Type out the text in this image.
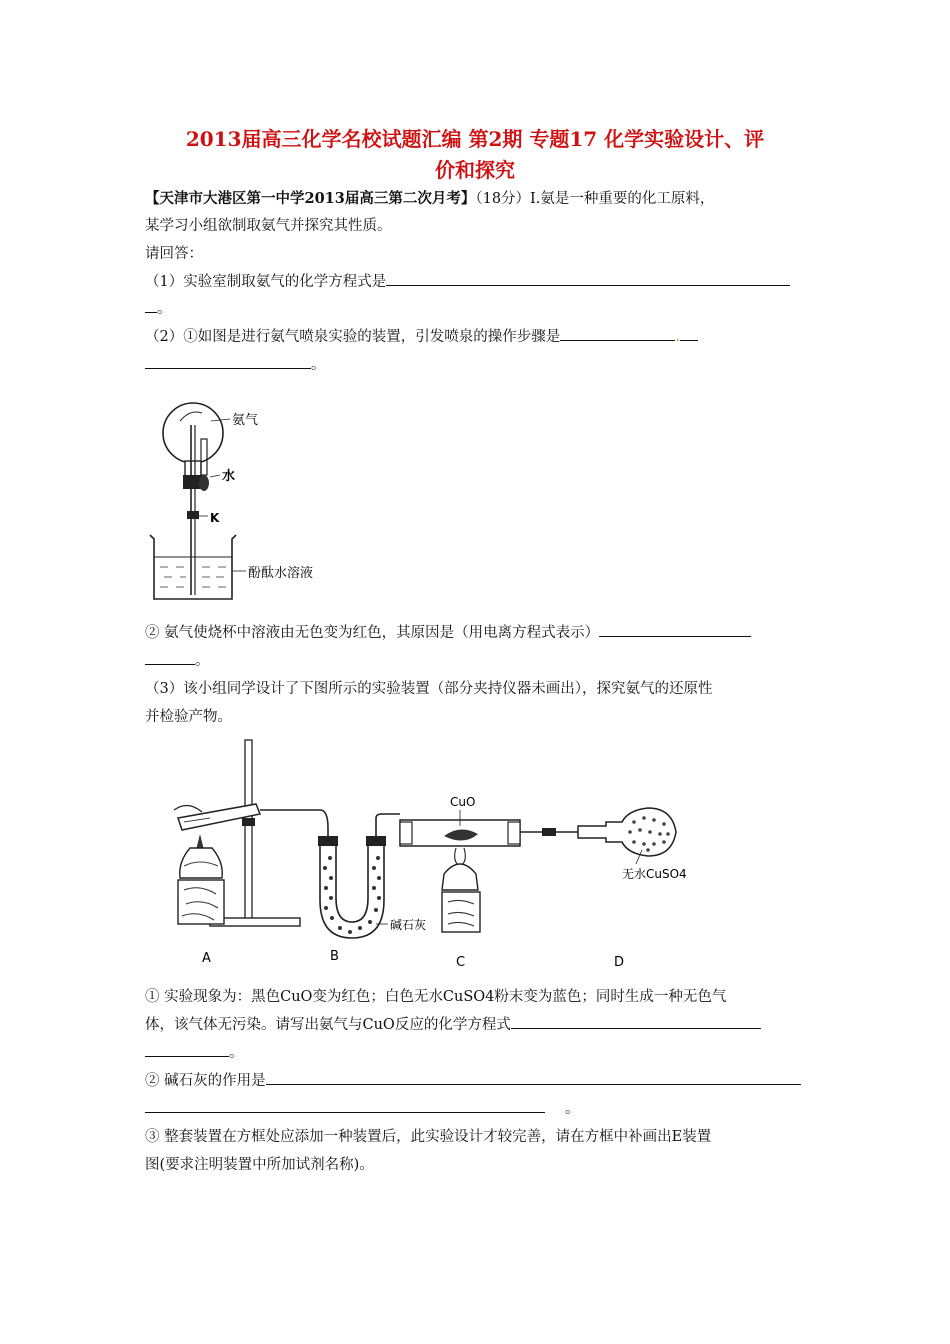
2013届高三化学名校试题汇编 第2期 专题17 化学实验设计、评
价和探究
【天津市大港区第一中学2013届高三第二次月考】（18分）Ⅰ.氨是一种重要的化工原料，
某学习小组欲制取氨气并探究其性质。
请回答：
（1）实验室制取氨气的化学方程式是
。
（2）①如图是进行氨气喷泉实验的装置，引发喷泉的操作步骤是	.
。
氨气
水
K
酚酞水溶液
② 氨气使烧杯中溶液由无色变为红色，其原因是（用电离方程式表示）
。
（3）该小组同学设计了下图所示的实验装置（部分夹持仪器未画出），探究氨气的还原性
并检验产物。
碱石灰
CuO
无水CuSO4
A	B	C	D
① 实验现象为：黑色CuO变为红色；白色无水CuSO4粉末变为蓝色；同时生成一种无色气
体，该气体无污染。请写出氨气与CuO反应的化学方程式
。
② 碱石灰的作用是
。
③ 整套装置在方框处应添加一种装置后，此实验设计才较完善，请在方框中补画出E装置
图(要求注明装置中所加试剂名称)。
